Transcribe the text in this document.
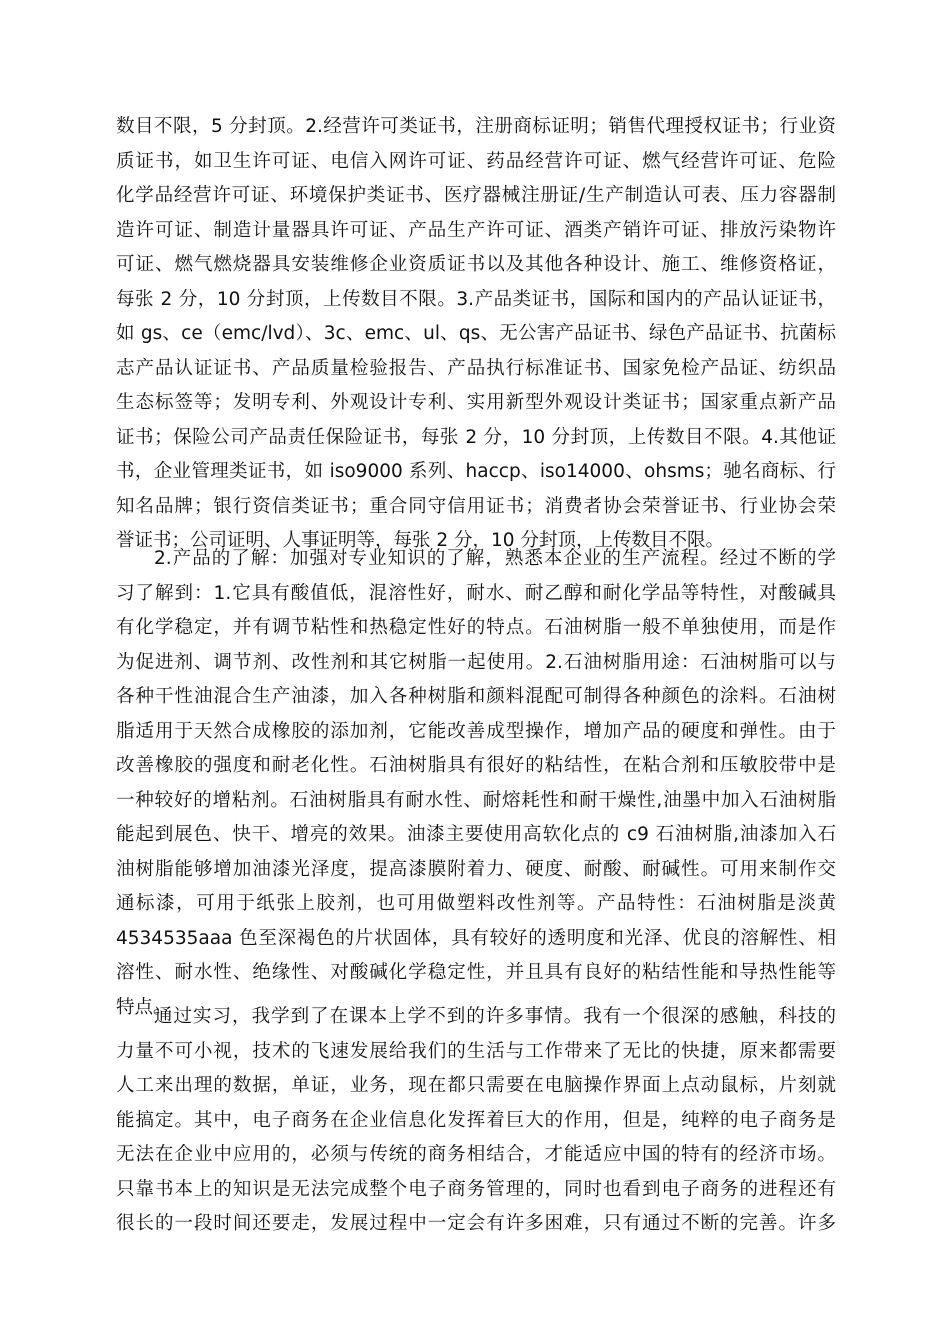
数目不限，5 分封顶。2.经营许可类证书，注册商标证明；销售代理授权证书；行业资
质证书，如卫生许可证、电信入网许可证、药品经营许可证、燃气经营许可证、危险
化学品经营许可证、环境保护类证书、医疗器械注册证/生产制造认可表、压力容器制
造许可证、制造计量器具许可证、产品生产许可证、酒类产销许可证、排放污染物许
可证、燃气燃烧器具安装维修企业资质证书以及其他各种设计、施工、维修资格证，
每张 2 分，10 分封顶，上传数目不限。3.产品类证书，国际和国内的产品认证证书，
如 gs、ce（emc/lvd）、3c、emc、ul、qs、无公害产品证书、绿色产品证书、抗菌标
志产品认证证书、产品质量检验报告、产品执行标准证书、国家免检产品证、纺织品
生态标签等；发明专利、外观设计专利、实用新型外观设计类证书；国家重点新产品
证书；保险公司产品责任保险证书，每张 2 分，10 分封顶，上传数目不限。4.其他证
书，企业管理类证书，如 iso9000 系列、haccp、iso14000、ohsms；驰名商标、行
知名品牌；银行资信类证书；重合同守信用证书；消费者协会荣誉证书、行业协会荣
誉证书；公司证明、人事证明等，每张 2 分，10 分封顶，上传数目不限。
2.产品的了解：加强对专业知识的了解，熟悉本企业的生产流程。经过不断的学
习了解到：1.它具有酸值低，混溶性好，耐水、耐乙醇和耐化学品等特性，对酸碱具
有化学稳定，并有调节粘性和热稳定性好的特点。石油树脂一般不单独使用，而是作
为促进剂、调节剂、改性剂和其它树脂一起使用。2.石油树脂用途：石油树脂可以与
各种干性油混合生产油漆，加入各种树脂和颜料混配可制得各种颜色的涂料。石油树
脂适用于天然合成橡胶的添加剂，它能改善成型操作，增加产品的硬度和弹性。由于
改善橡胶的强度和耐老化性。石油树脂具有很好的粘结性，在粘合剂和压敏胶带中是
一种较好的增粘剂。石油树脂具有耐水性、耐熔耗性和耐干燥性,油墨中加入石油树脂
能起到展色、快干、增亮的效果。油漆主要使用高软化点的 c9 石油树脂,油漆加入石
油树脂能够增加油漆光泽度，提高漆膜附着力、硬度、耐酸、耐碱性。可用来制作交
通标漆，可用于纸张上胶剂，也可用做塑料改性剂等。产品特性：石油树脂是淡黄
4534535aaa 色至深褐色的片状固体，具有较好的透明度和光泽、优良的溶解性、相
溶性、耐水性、绝缘性、对酸碱化学稳定性，并且具有良好的粘结性能和导热性能等
特点。
通过实习，我学到了在课本上学不到的许多事情。我有一个很深的感触，科技的
力量不可小视，技术的飞速发展给我们的生活与工作带来了无比的快捷，原来都需要
人工来出理的数据，单证，业务，现在都只需要在电脑操作界面上点动鼠标，片刻就
能搞定。其中，电子商务在企业信息化发挥着巨大的作用，但是，纯粹的电子商务是
无法在企业中应用的，必须与传统的商务相结合，才能适应中国的特有的经济市场。
只靠书本上的知识是无法完成整个电子商务管理的，同时也看到电子商务的进程还有
很长的一段时间还要走，发展过程中一定会有许多困难，只有通过不断的完善。许多
